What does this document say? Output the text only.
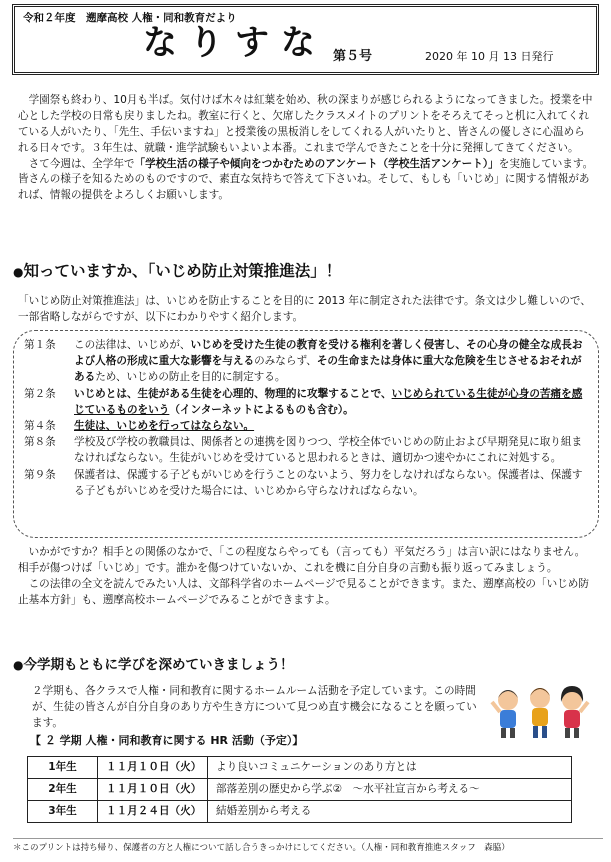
令和２年度　遡摩高校 人権・同和教育だより
なりすな 第５号	2020 年 10 月 13 日発行

学園祭も終わり、10月も半ば。気付けば木々は紅葉を始め、秋の深まりが感じられるようになってきました。授業を中心とした学校の日常も戻りましたね。教室に行くと、欠席したクラスメイトのプリントをそろえてそっと机に入れてくれている人がいたり、「先生、手伝いますね」と授業後の黒板消しをしてくれる人がいたりと、皆さんの優しさに心温められる日々です。３年生は、就職・進学試験もいよいよ本番。これまで学んできたことを十分に発揮してきてください。

さて今週は、全学年で「学校生活の様子や傾向をつかむためのアンケート（学校生活アンケート）」を実施しています。皆さんの様子を知るためのものですので、素直な気持ちで答えて下さいね。そして、もしも「いじめ」に関する情報があれば、情報の提供をよろしくお願いします。

●知っていますか、「いじめ防止対策推進法」！
「いじめ防止対策推進法」は、いじめを防止することを目的に 2013 年に制定された法律です。条文は少し難しいので、一部省略しながらですが、以下にわかりやすく紹介します。
第１条	この法律は、いじめが、いじめを受けた生徒の教育を受ける権利を著しく侵害し、その心身の健全な成長および人格の形成に重大な影響を与えるのみならず、その生命または身体に重大な危険を生じさせるおそれがあるため、いじめの防止を目的に制定する。
第２条	いじめとは、生徒がある生徒を心理的、物理的に攻撃することで、いじめられている生徒が心身の苦痛を感じているものをいう（インターネットによるものも含む）。
第４条	生徒は、いじめを行ってはならない。
第８条	学校及び学校の教職員は、関係者との連携を図りつつ、学校全体でいじめの防止および早期発見に取り組まなければならない。生徒がいじめを受けていると思われるときは、適切かつ速やかにこれに対処する。
第９条	保護者は、保護する子どもがいじめを行うことのないよう、努力をしなければならない。保護者は、保護する子どもがいじめを受けた場合には、いじめから守らなければならない。

いかがですか？相手との関係のなかで、「この程度ならやっても（言っても）平気だろう」は言い訳にはなりません。相手が傷つけば「いじめ」です。誰かを傷つけていないか、これを機に自分自身の言動も振り返ってみましょう。

この法律の全文を読んでみたい人は、文部科学省のホームページで見ることができます。また、遡摩高校の「いじめ防止基本方針」も、遡摩高校ホームページでみることができますよ。

●今学期もともに学びを深めていきましょう！
２学期も、各クラスで人権・同和教育に関するホームルーム活動を予定しています。この時間が、生徒の皆さんが自分自身のあり方や生き方について見つめ直す機会になることを願っています。
【 ２ 学期 人権・同和教育に関する HR 活動（予定）】
1年生	１１月１０日（火）	より良いコミュニケーションのあり方とは
2年生	１１月１０日（火）	部落差別の歴史から学ぶ②　～水平社宣言から考える～
3年生	１１月２４日（火）	結婚差別から考える
＊このプリントは持ち帰り、保護者の方と人権について話し合うきっかけにしてください。（人権・同和教育推進スタッフ　森脇）
